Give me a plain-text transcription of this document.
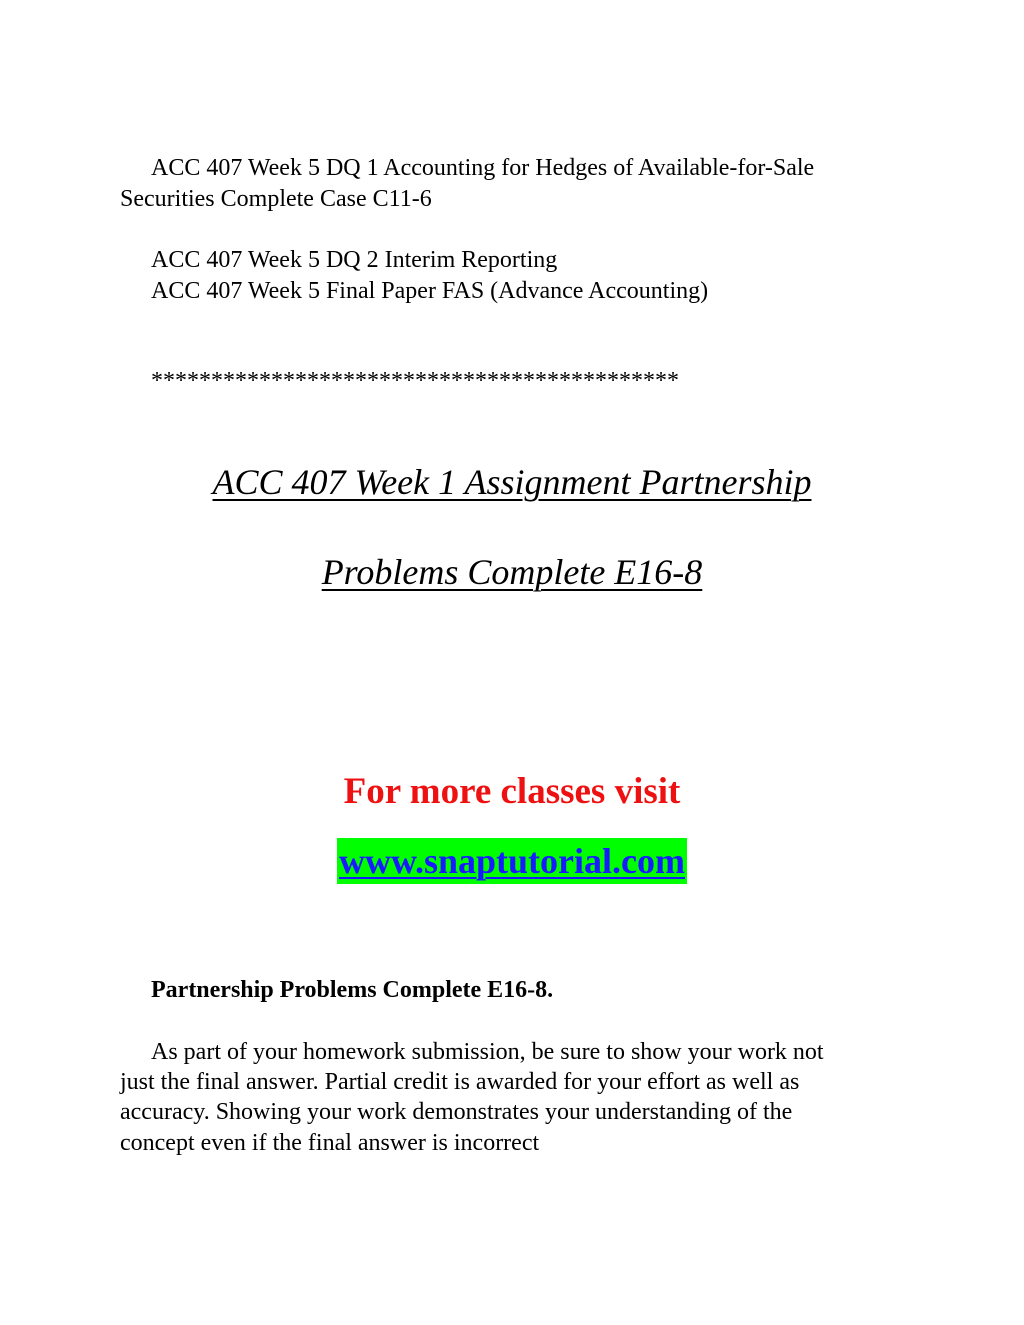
ACC 407 Week 5 DQ 1 Accounting for Hedges of Available-for-Sale
Securities Complete Case C11-6
ACC 407 Week 5 DQ 2 Interim Reporting
ACC 407 Week 5 Final Paper FAS (Advance Accounting)
********************************************
ACC 407 Week 1 Assignment Partnership
Problems Complete E16-8
For more classes visit
www.snaptutorial.com
Partnership Problems Complete E16-8.
As part of your homework submission, be sure to show your work not
just the final answer. Partial credit is awarded for your effort as well as
accuracy. Showing your work demonstrates your understanding of the
concept even if the final answer is incorrect
